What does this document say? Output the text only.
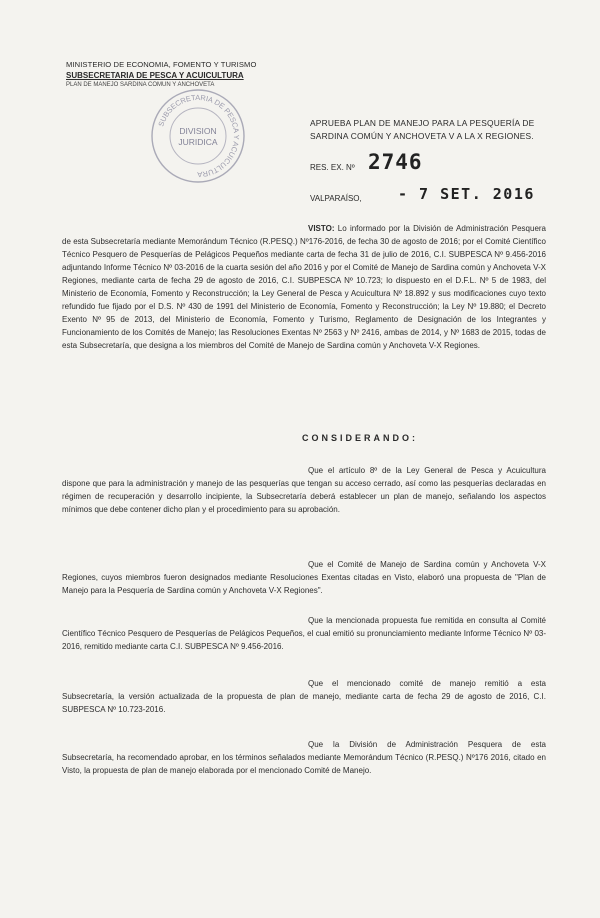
MINISTERIO DE ECONOMIA, FOMENTO Y TURISMO
SUBSECRETARIA DE PESCA Y ACUICULTURA
PLAN DE MANEJO SARDINA COMUN Y ANCHOVETA
SUBSECRETARIA DE PESCA Y ACUICULTURA
DIVISION
JURIDICA
APRUEBA PLAN DE MANEJO PARA LA PESQUERÍA DE SARDINA COMÚN Y ANCHOVETA V A LA X REGIONES.
RES. EX. Nº 2746
VALPARAÍSO, - 7 SET. 2016
VISTO: Lo informado por la División de Administración Pesquera de esta Subsecretaría mediante Memorándum Técnico (R.PESQ.) Nº176-2016, de fecha 30 de agosto de 2016; por el Comité Científico Técnico Pesquero de Pesquerías de Pelágicos Pequeños mediante carta de fecha 31 de julio de 2016, C.I. SUBPESCA Nº 9.456-2016 adjuntando Informe Técnico Nº 03-2016 de la cuarta sesión del año 2016 y por el Comité de Manejo de Sardina común y Anchoveta V-X Regiones, mediante carta de fecha 29 de agosto de 2016, C.I. SUBPESCA Nº 10.723; lo dispuesto en el D.F.L. Nº 5 de 1983, del Ministerio de Economía, Fomento y Reconstrucción; la Ley General de Pesca y Acuicultura Nº 18.892 y sus modificaciones cuyo texto refundido fue fijado por el D.S. Nº 430 de 1991 del Ministerio de Economía, Fomento y Reconstrucción; la Ley Nº 19.880; el Decreto Exento Nº 95 de 2013, del Ministerio de Economía, Fomento y Turismo, Reglamento de Designación de los Integrantes y Funcionamiento de los Comités de Manejo; las Resoluciones Exentas Nº 2563 y Nº 2416, ambas de 2014, y Nº 1683 de 2015, todas de esta Subsecretaría, que designa a los miembros del Comité de Manejo de Sardina común y Anchoveta V-X Regiones.
CONSIDERANDO:
Que el artículo 8º de la Ley General de Pesca y Acuicultura dispone que para la administración y manejo de las pesquerías que tengan su acceso cerrado, así como las pesquerías declaradas en régimen de recuperación y desarrollo incipiente, la Subsecretaría deberá establecer un plan de manejo, señalando los aspectos mínimos que debe contener dicho plan y el procedimiento para su aprobación.
Que el Comité de Manejo de Sardina común y Anchoveta V-X Regiones, cuyos miembros fueron designados mediante Resoluciones Exentas citadas en Visto, elaboró una propuesta de "Plan de Manejo para la Pesquería de Sardina común y Anchoveta V-X Regiones".
Que la mencionada propuesta fue remitida en consulta al Comité Científico Técnico Pesquero de Pesquerías de Pelágicos Pequeños, el cual emitió su pronunciamiento mediante Informe Técnico Nº 03-2016, remitido mediante carta C.I. SUBPESCA Nº 9.456-2016.
Que el mencionado comité de manejo remitió a esta Subsecretaría, la versión actualizada de la propuesta de plan de manejo, mediante carta de fecha 29 de agosto de 2016, C.I. SUBPESCA Nº 10.723-2016.
Que la División de Administración Pesquera de esta Subsecretaría, ha recomendado aprobar, en los términos señalados mediante Memorándum Técnico (R.PESQ.) Nº176 2016, citado en Visto, la propuesta de plan de manejo elaborada por el mencionado Comité de Manejo.
